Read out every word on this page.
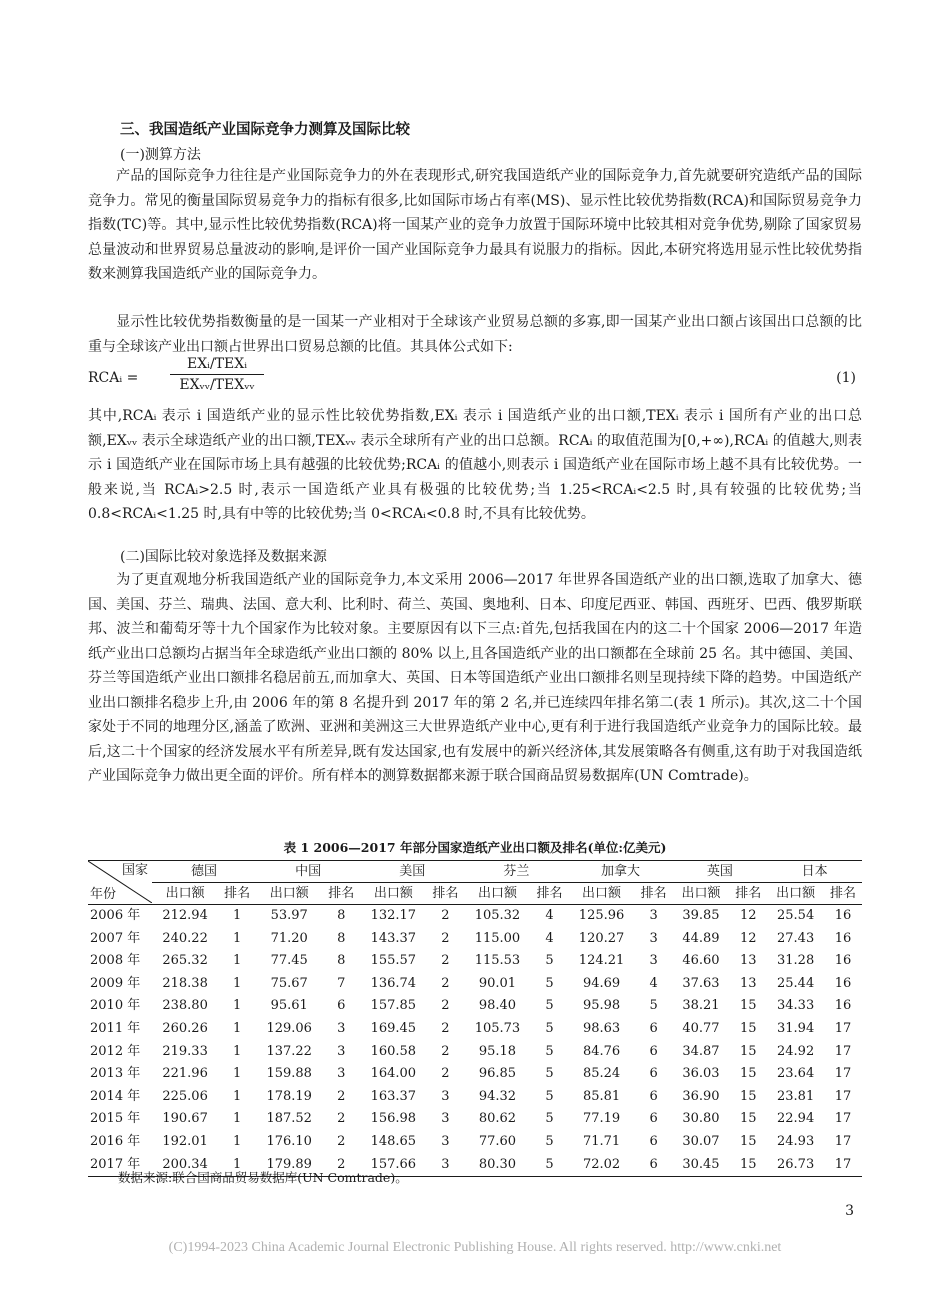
三、我国造纸产业国际竞争力测算及国际比较
(一)测算方法

产品的国际竞争力往往是产业国际竞争力的外在表现形式,研究我国造纸产业的国际竞争力,首先就要研究造纸产品的国际竞争力。常见的衡量国际贸易竞争力的指标有很多,比如国际市场占有率(MS)、显示性比较优势指数(RCA)和国际贸易竞争力指数(TC)等。其中,显示性比较优势指数(RCA)将一国某产业的竞争力放置于国际环境中比较其相对竞争优势,剔除了国家贸易总量波动和世界贸易总量波动的影响,是评价一国产业国际竞争力最具有说服力的指标。因此,本研究将选用显示性比较优势指数来测算我国造纸产业的国际竞争力。

显示性比较优势指数衡量的是一国某一产业相对于全球该产业贸易总额的多寡,即一国某产业出口额占该国出口总额的比重与全球该产业出口额占世界出口贸易总额的比值。其具体公式如下:

RCAᵢ =
EXᵢ/TEXᵢ
EXᵥᵥ/TEXᵥᵥ	(1)

其中,RCAᵢ 表示 i 国造纸产业的显示性比较优势指数,EXᵢ 表示 i 国造纸产业的出口额,TEXᵢ 表示 i 国所有产业的出口总额,EXᵥᵥ 表示全球造纸产业的出口额,TEXᵥᵥ 表示全球所有产业的出口总额。RCAᵢ 的取值范围为[0,+∞),RCAᵢ 的值越大,则表示 i 国造纸产业在国际市场上具有越强的比较优势;RCAᵢ 的值越小,则表示 i 国造纸产业在国际市场上越不具有比较优势。一般来说,当 RCAᵢ>2.5 时,表示一国造纸产业具有极强的比较优势;当 1.25<RCAᵢ<2.5 时,具有较强的比较优势;当 0.8<RCAᵢ<1.25 时,具有中等的比较优势;当 0<RCAᵢ<0.8 时,不具有比较优势。

(二)国际比较对象选择及数据来源

为了更直观地分析我国造纸产业的国际竞争力,本文采用 2006—2017 年世界各国造纸产业的出口额,选取了加拿大、德国、美国、芬兰、瑞典、法国、意大利、比利时、荷兰、英国、奥地利、日本、印度尼西亚、韩国、西班牙、巴西、俄罗斯联邦、波兰和葡萄牙等十九个国家作为比较对象。主要原因有以下三点:首先,包括我国在内的这二十个国家 2006—2017 年造纸产业出口总额均占据当年全球造纸产业出口额的 80% 以上,且各国造纸产业的出口额都在全球前 25 名。其中德国、美国、芬兰等国造纸产业出口额排名稳居前五,而加拿大、英国、日本等国造纸产业出口额排名则呈现持续下降的趋势。中国造纸产业出口额排名稳步上升,由 2006 年的第 8 名提升到 2017 年的第 2 名,并已连续四年排名第二(表 1 所示)。其次,这二十个国家处于不同的地理分区,涵盖了欧洲、亚洲和美洲这三大世界造纸产业中心,更有利于进行我国造纸产业竞争力的国际比较。最后,这二十个国家的经济发展水平有所差异,既有发达国家,也有发展中的新兴经济体,其发展策略各有侧重,这有助于对我国造纸产业国际竞争力做出更全面的评价。所有样本的测算数据都来源于联合国商品贸易数据库(UN Comtrade)。

表 1 2006—2017 年部分国家造纸产业出口额及排名(单位:亿美元)
国家
年份	德国		中国		美国		芬兰		加拿大		英国		日本	
	出口额	排名	出口额	排名	出口额	排名	出口额	排名	出口额	排名	出口额	排名	出口额	排名
2006 年	212.94	1	53.97	8	132.17	2	105.32	4	125.96	3	39.85	12	25.54	16
2007 年	240.22	1	71.20	8	143.37	2	115.00	4	120.27	3	44.89	12	27.43	16
2008 年	265.32	1	77.45	8	155.57	2	115.53	5	124.21	3	46.60	13	31.28	16
2009 年	218.38	1	75.67	7	136.74	2	90.01	5	94.69	4	37.63	13	25.44	16
2010 年	238.80	1	95.61	6	157.85	2	98.40	5	95.98	5	38.21	15	34.33	16
2011 年	260.26	1	129.06	3	169.45	2	105.73	5	98.63	6	40.77	15	31.94	17
2012 年	219.33	1	137.22	3	160.58	2	95.18	5	84.76	6	34.87	15	24.92	17
2013 年	221.96	1	159.88	3	164.00	2	96.85	5	85.24	6	36.03	15	23.64	17
2014 年	225.06	1	178.19	2	163.37	3	94.32	5	85.81	6	36.90	15	23.81	17
2015 年	190.67	1	187.52	2	156.98	3	80.62	5	77.19	6	30.80	15	22.94	17
2016 年	192.01	1	176.10	2	148.65	3	77.60	5	71.71	6	30.07	15	24.93	17
2017 年	200.34	1	179.89	2	157.66	3	80.30	5	72.02	6	30.45	15	26.73	17
数据来源:联合国商品贸易数据库(UN Comtrade)。
3
(C)1994-2023 China Academic Journal Electronic Publishing House. All rights reserved. http://www.cnki.net
